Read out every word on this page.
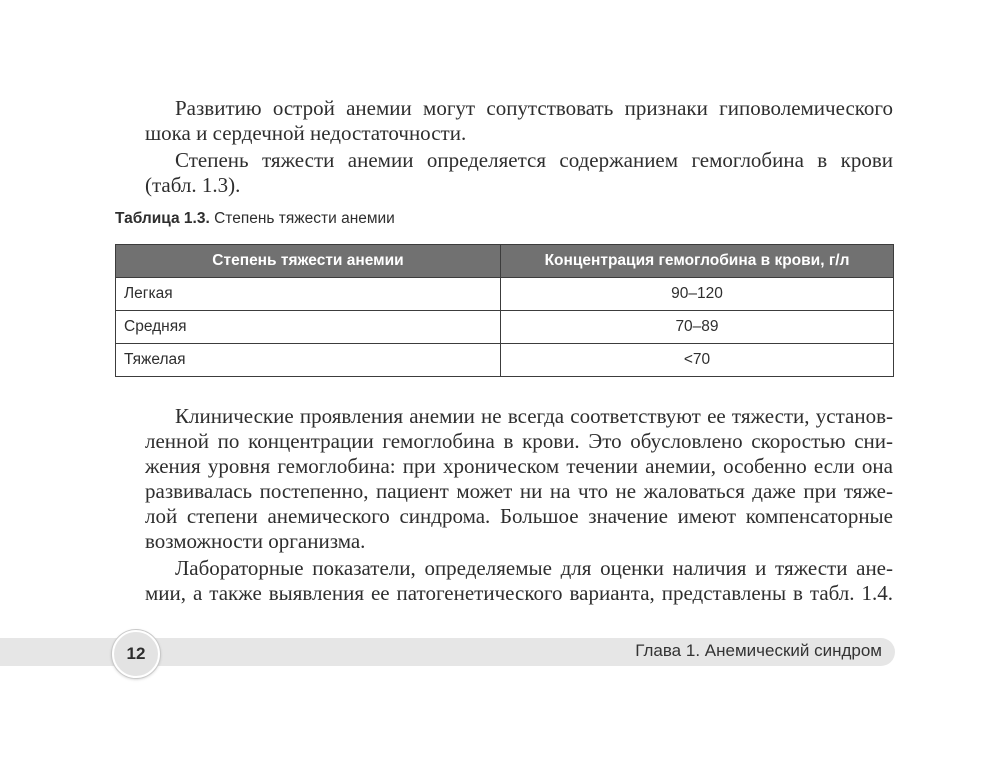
Развитию острой анемии могут сопутствовать признаки гиповолемического
шока и сердечной недостаточности.

Степень тяжести анемии определяется содержанием гемоглобина в крови
(табл. 1.3).

Таблица 1.3. Степень тяжести анемии
Степень тяжести анемии	Концентрация гемоглобина в крови, г/л
Легкая	90–120
Средняя	70–89
Тяжелая	<70

Клинические проявления анемии не всегда соответствуют ее тяжести, установ-
ленной по концентрации гемоглобина в крови. Это обусловлено скоростью сни-
жения уровня гемоглобина: при хроническом течении анемии, особенно если она
развивалась постепенно, пациент может ни на что не жаловаться даже при тяже-
лой степени анемического синдрома. Большое значение имеют компенсаторные
возможности организма.

Лабораторные показатели, определяемые для оценки наличия и тяжести ане-
мии, а также выявления ее патогенетического варианта, представлены в табл. 1.4.

12	Глава 1. Анемический синдром
